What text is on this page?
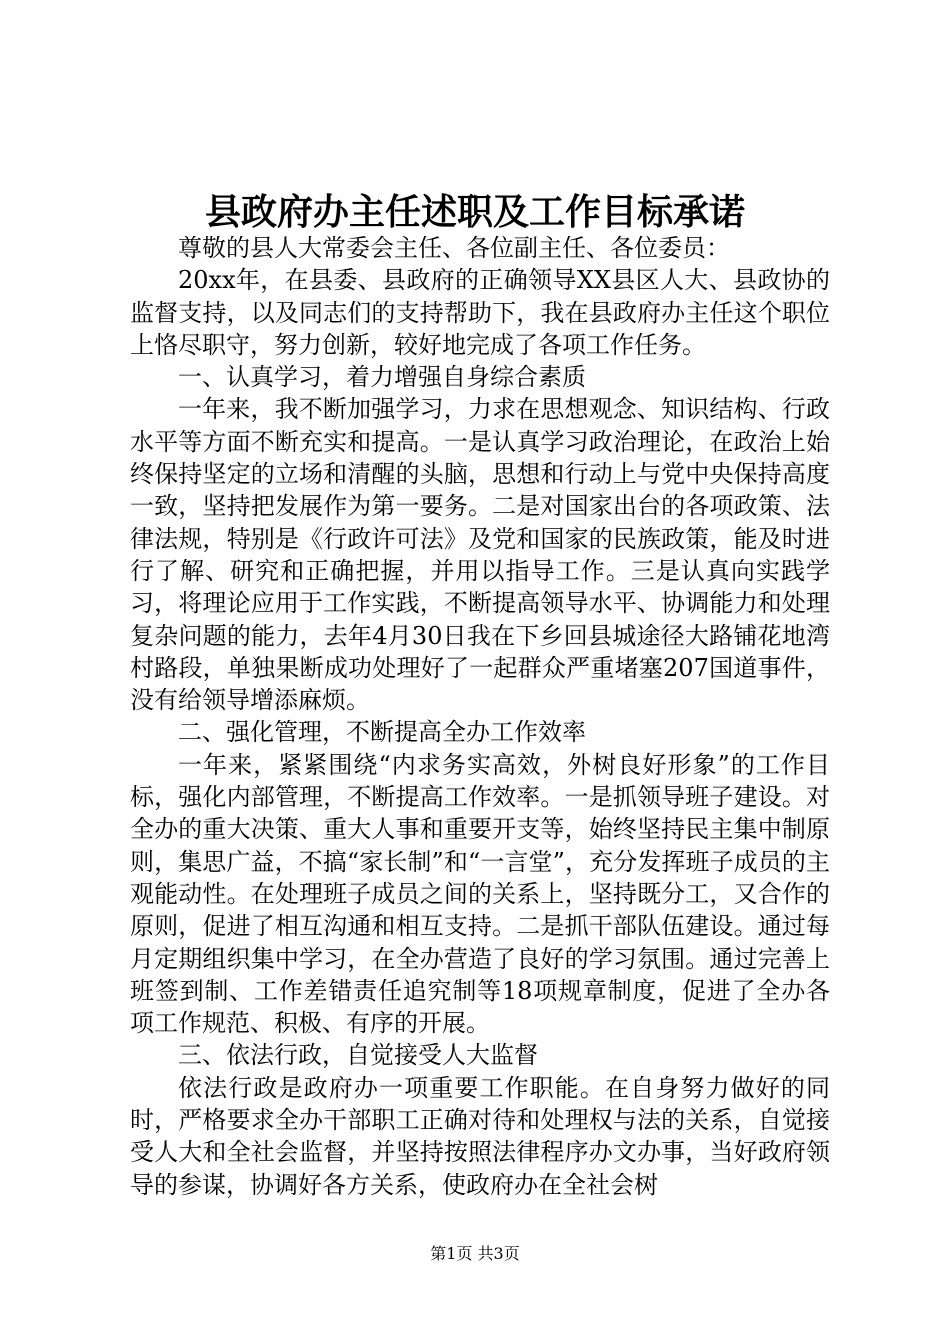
县政府办主任述职及工作目标承诺

尊敬的县人大常委会主任、各位副主任、各位委员：

20xx年，在县委、县政府的正确领导XX县区人大、县政协的监督支持，以及同志们的支持帮助下，我在县政府办主任这个职位上恪尽职守，努力创新，较好地完成了各项工作任务。

一、认真学习，着力增强自身综合素质

一年来，我不断加强学习，力求在思想观念、知识结构、行政水平等方面不断充实和提高。一是认真学习政治理论，在政治上始终保持坚定的立场和清醒的头脑，思想和行动上与党中央保持高度一致，坚持把发展作为第一要务。二是对国家出台的各项政策、法律法规，特别是《行政许可法》及党和国家的民族政策，能及时进行了解、研究和正确把握，并用以指导工作。三是认真向实践学习，将理论应用于工作实践，不断提高领导水平、协调能力和处理复杂问题的能力，去年4月30日我在下乡回县城途径大路铺花地湾村路段，单独果断成功处理好了一起群众严重堵塞207国道事件，没有给领导增添麻烦。

二、强化管理，不断提高全办工作效率

一年来，紧紧围绕“内求务实高效，外树良好形象”的工作目标，强化内部管理，不断提高工作效率。一是抓领导班子建设。对全办的重大决策、重大人事和重要开支等，始终坚持民主集中制原则，集思广益，不搞“家长制”和“一言堂”，充分发挥班子成员的主观能动性。在处理班子成员之间的关系上，坚持既分工，又合作的原则，促进了相互沟通和相互支持。二是抓干部队伍建设。通过每月定期组织集中学习，在全办营造了良好的学习氛围。通过完善上班签到制、工作差错责任追究制等18项规章制度，促进了全办各项工作规范、积极、有序的开展。

三、依法行政，自觉接受人大监督

依法行政是政府办一项重要工作职能。在自身努力做好的同时，严格要求全办干部职工正确对待和处理权与法的关系，自觉接受人大和全社会监督，并坚持按照法律程序办文办事，当好政府领导的参谋，协调好各方关系，使政府办在全社会树

第1页 共3页
